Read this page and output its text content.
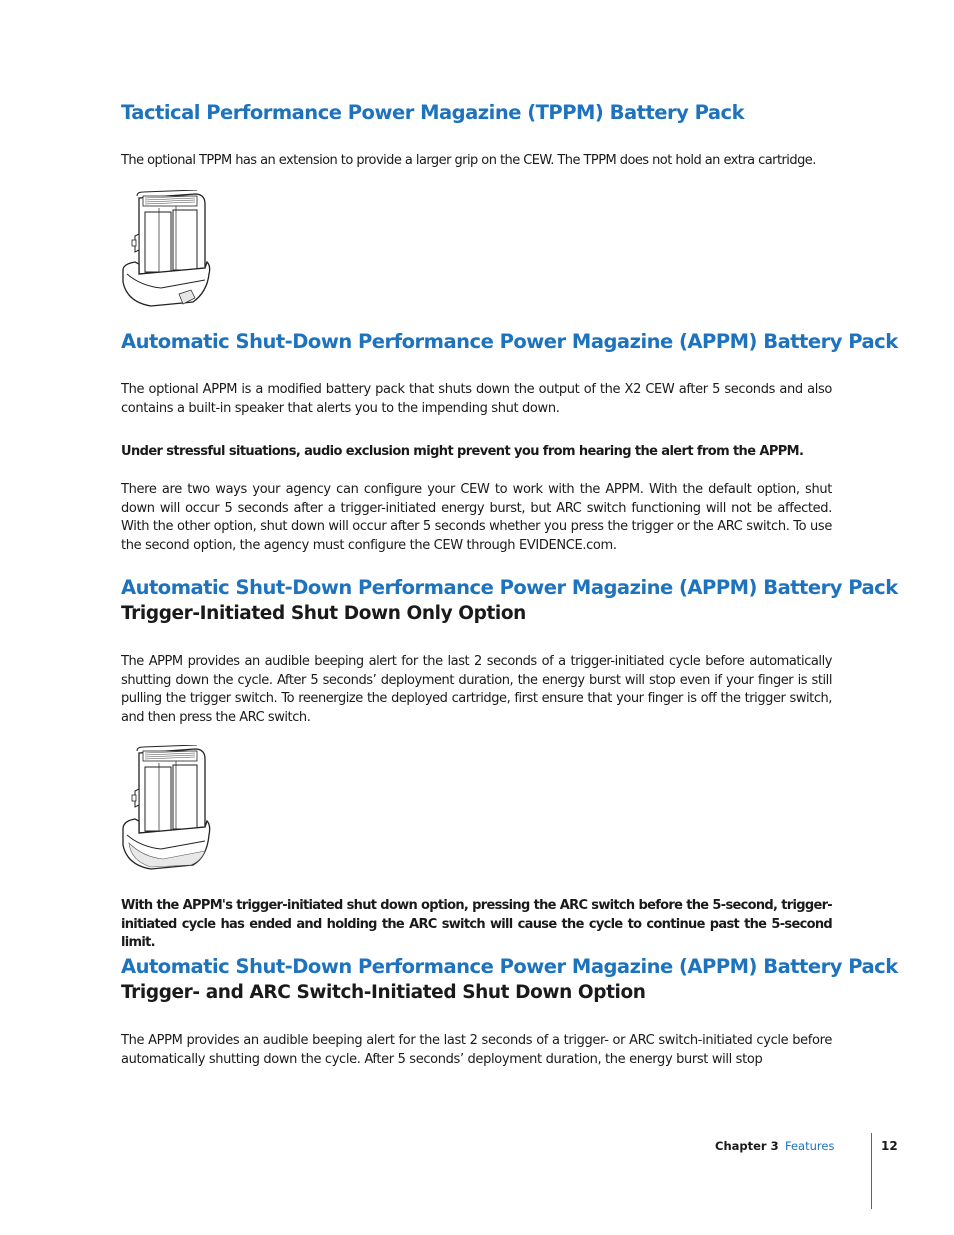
Tactical Performance Power Magazine (TPPM) Battery Pack

The optional TPPM has an extension to provide a larger grip on the CEW. The TPPM does not hold an extra cartridge.

Automatic Shut-Down Performance Power Magazine (APPM) Battery Pack

The optional APPM is a modified battery pack that shuts down the output of the X2 CEW after 5 seconds and also contains a built-in speaker that alerts you to the impending shut down.

Under stressful situations, audio exclusion might prevent you from hearing the alert from the APPM.

There are two ways your agency can configure your CEW to work with the APPM. With the default option, shut down will occur 5 seconds after a trigger-initiated energy burst, but ARC switch functioning will not be affected. With the other option, shut down will occur after 5 seconds whether you press the trigger or the ARC switch. To use the second option, the agency must configure the CEW through EVIDENCE.com.

Automatic Shut-Down Performance Power Magazine (APPM) Battery Pack
Trigger-Initiated Shut Down Only Option

The APPM provides an audible beeping alert for the last 2 seconds of a trigger-initiated cycle before automatically shutting down the cycle. After 5 seconds’ deployment duration, the energy burst will stop even if your finger is still pulling the trigger switch. To reenergize the deployed cartridge, first ensure that your finger is off the trigger switch, and then press the ARC switch.

With the APPM's trigger-initiated shut down option, pressing the ARC switch before the 5-second, trigger-initiated cycle has ended and holding the ARC switch will cause the cycle to continue past the 5-second limit.

Automatic Shut-Down Performance Power Magazine (APPM) Battery Pack
Trigger- and ARC Switch-Initiated Shut Down Option

The APPM provides an audible beeping alert for the last 2 seconds of a trigger- or ARC switch-initiated cycle before automatically shutting down the cycle. After 5 seconds’ deployment duration, the energy burst will stop

Chapter 3 Features	12
